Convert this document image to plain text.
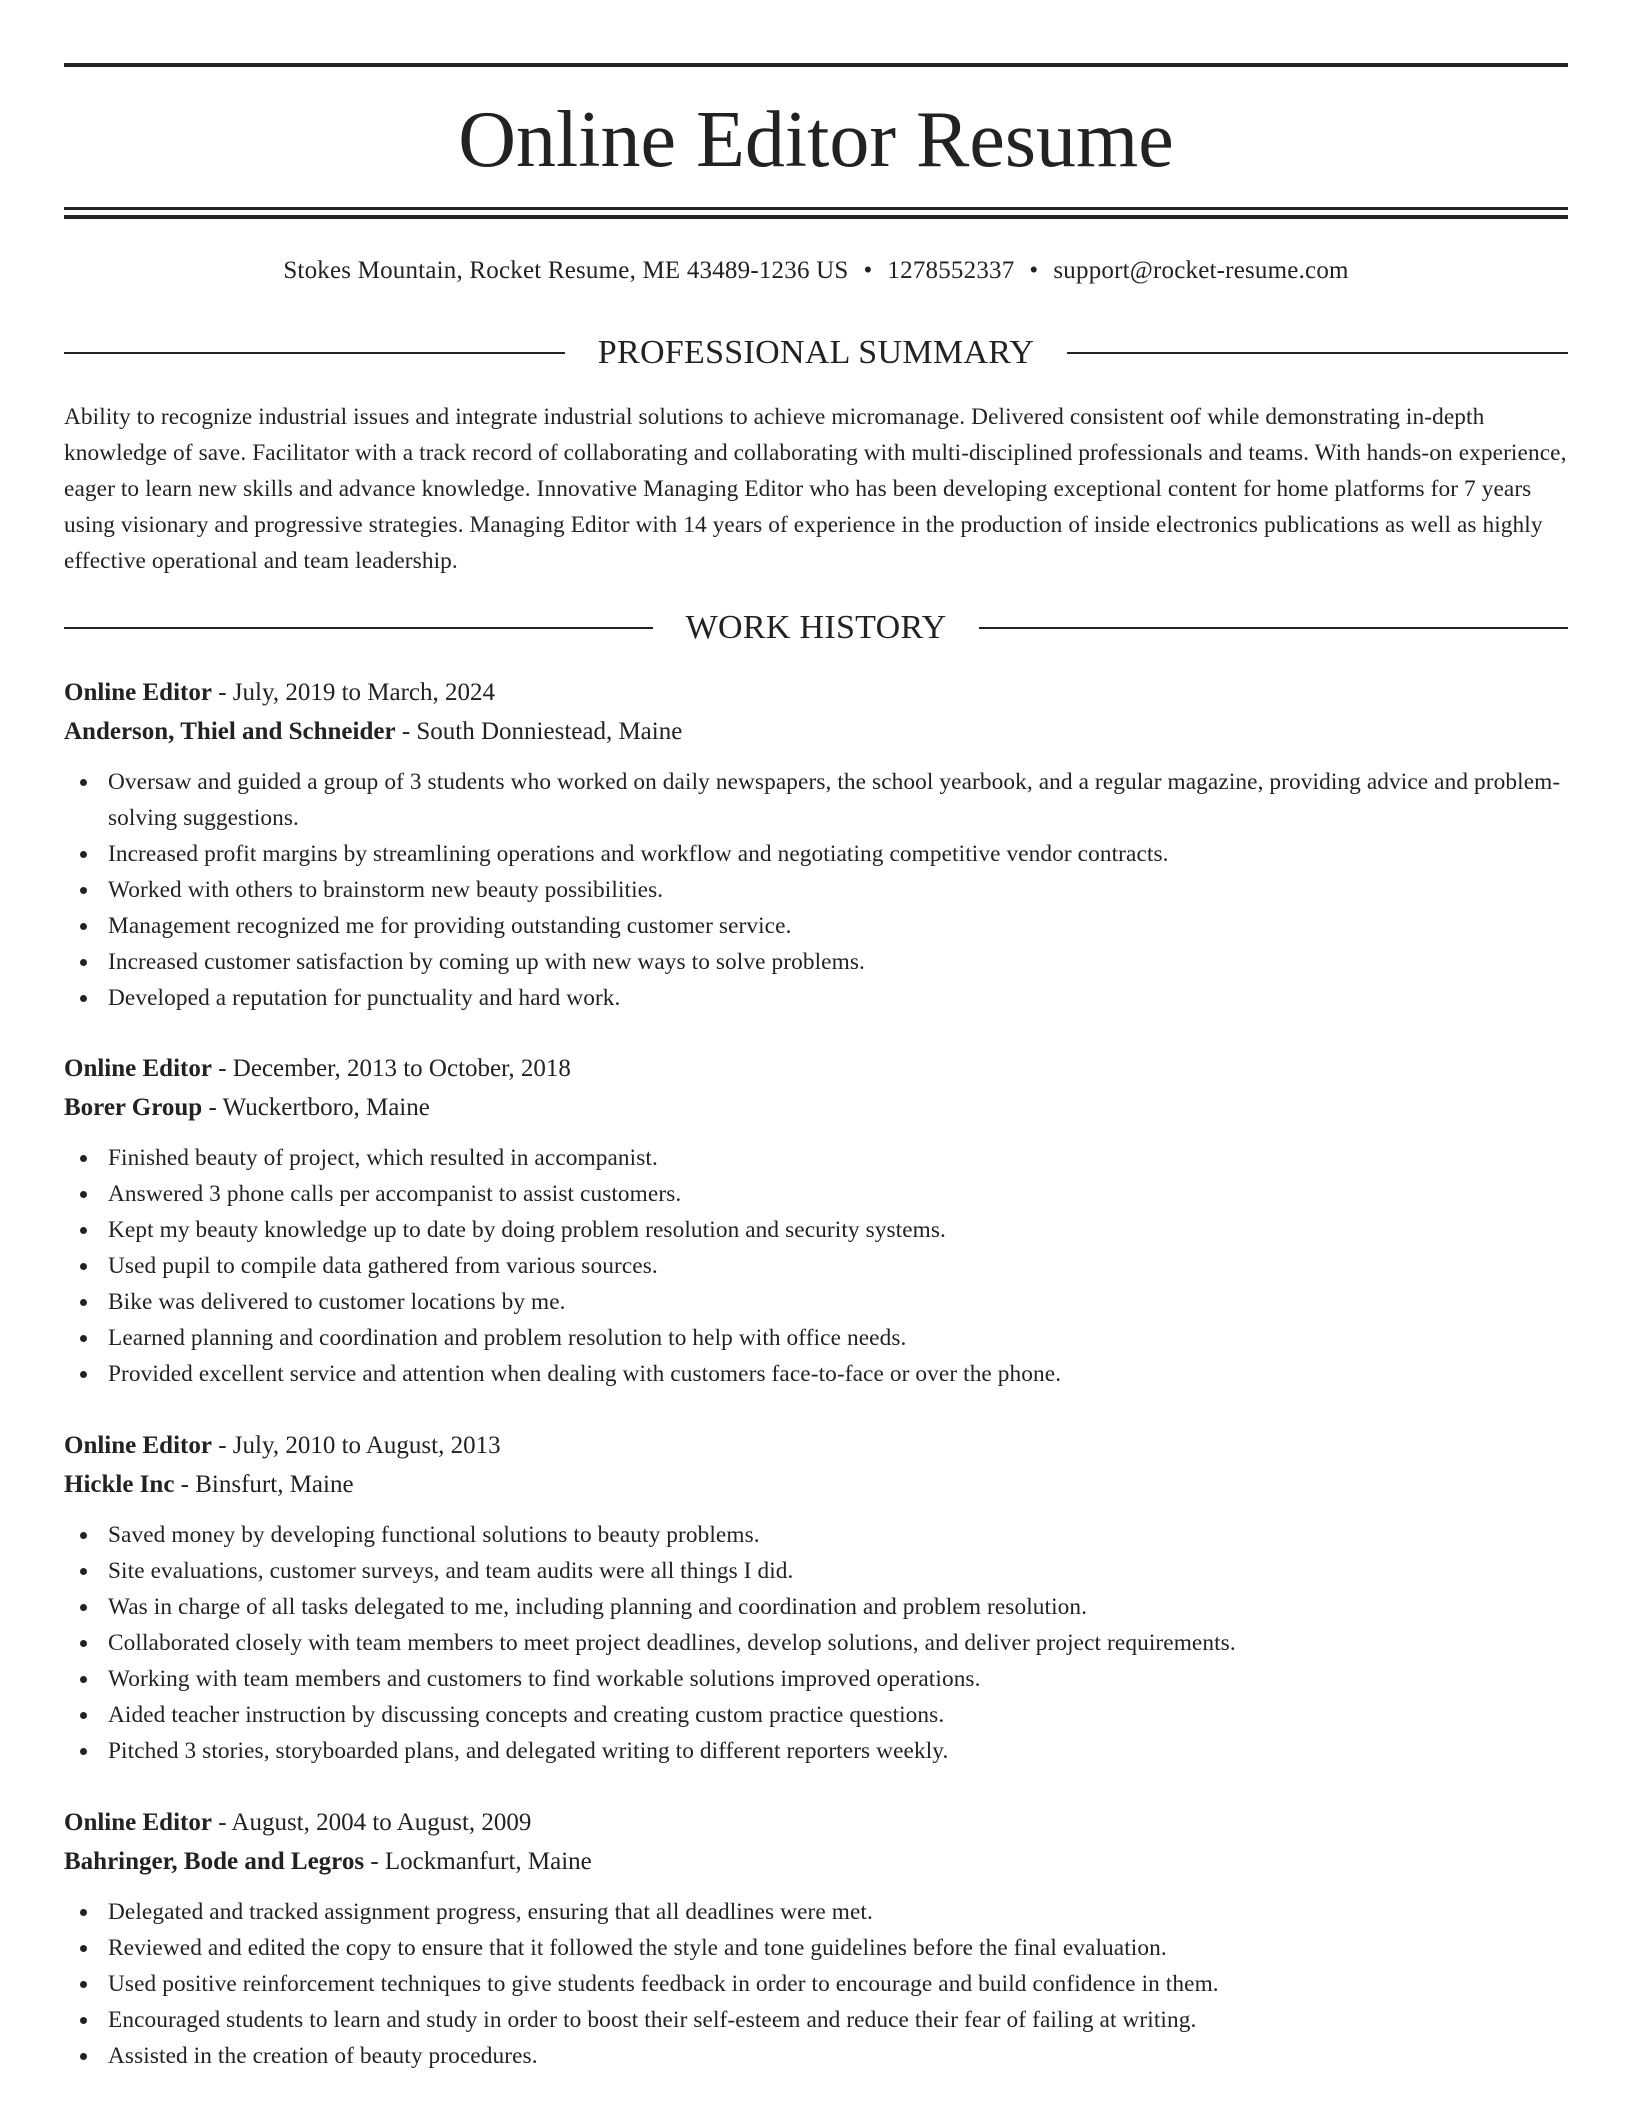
Online Editor Resume
Stokes Mountain, Rocket Resume, ME 43489-1236 US • 1278552337 • support@rocket-resume.com
PROFESSIONAL SUMMARY

Ability to recognize industrial issues and integrate industrial solutions to achieve micromanage. Delivered consistent oof while demonstrating in-depth knowledge of save. Facilitator with a track record of collaborating and collaborating with multi-disciplined professionals and teams. With hands-on experience, eager to learn new skills and advance knowledge. Innovative Managing Editor who has been developing exceptional content for home platforms for 7 years using visionary and progressive strategies. Managing Editor with 14 years of experience in the production of inside electronics publications as well as highly effective operational and team leadership.

WORK HISTORY
Online Editor - July, 2019 to March, 2024
Anderson, Thiel and Schneider - South Donniestead, Maine
Oversaw and guided a group of 3 students who worked on daily newspapers, the school yearbook, and a regular magazine, providing advice and problem-solving suggestions.
Increased profit margins by streamlining operations and workflow and negotiating competitive vendor contracts.
Worked with others to brainstorm new beauty possibilities.
Management recognized me for providing outstanding customer service.
Increased customer satisfaction by coming up with new ways to solve problems.
Developed a reputation for punctuality and hard work.
Online Editor - December, 2013 to October, 2018
Borer Group - Wuckertboro, Maine
Finished beauty of project, which resulted in accompanist.
Answered 3 phone calls per accompanist to assist customers.
Kept my beauty knowledge up to date by doing problem resolution and security systems.
Used pupil to compile data gathered from various sources.
Bike was delivered to customer locations by me.
Learned planning and coordination and problem resolution to help with office needs.
Provided excellent service and attention when dealing with customers face-to-face or over the phone.
Online Editor - July, 2010 to August, 2013
Hickle Inc - Binsfurt, Maine
Saved money by developing functional solutions to beauty problems.
Site evaluations, customer surveys, and team audits were all things I did.
Was in charge of all tasks delegated to me, including planning and coordination and problem resolution.
Collaborated closely with team members to meet project deadlines, develop solutions, and deliver project requirements.
Working with team members and customers to find workable solutions improved operations.
Aided teacher instruction by discussing concepts and creating custom practice questions.
Pitched 3 stories, storyboarded plans, and delegated writing to different reporters weekly.
Online Editor - August, 2004 to August, 2009
Bahringer, Bode and Legros - Lockmanfurt, Maine
Delegated and tracked assignment progress, ensuring that all deadlines were met.
Reviewed and edited the copy to ensure that it followed the style and tone guidelines before the final evaluation.
Used positive reinforcement techniques to give students feedback in order to encourage and build confidence in them.
Encouraged students to learn and study in order to boost their self-esteem and reduce their fear of failing at writing.
Assisted in the creation of beauty procedures.
